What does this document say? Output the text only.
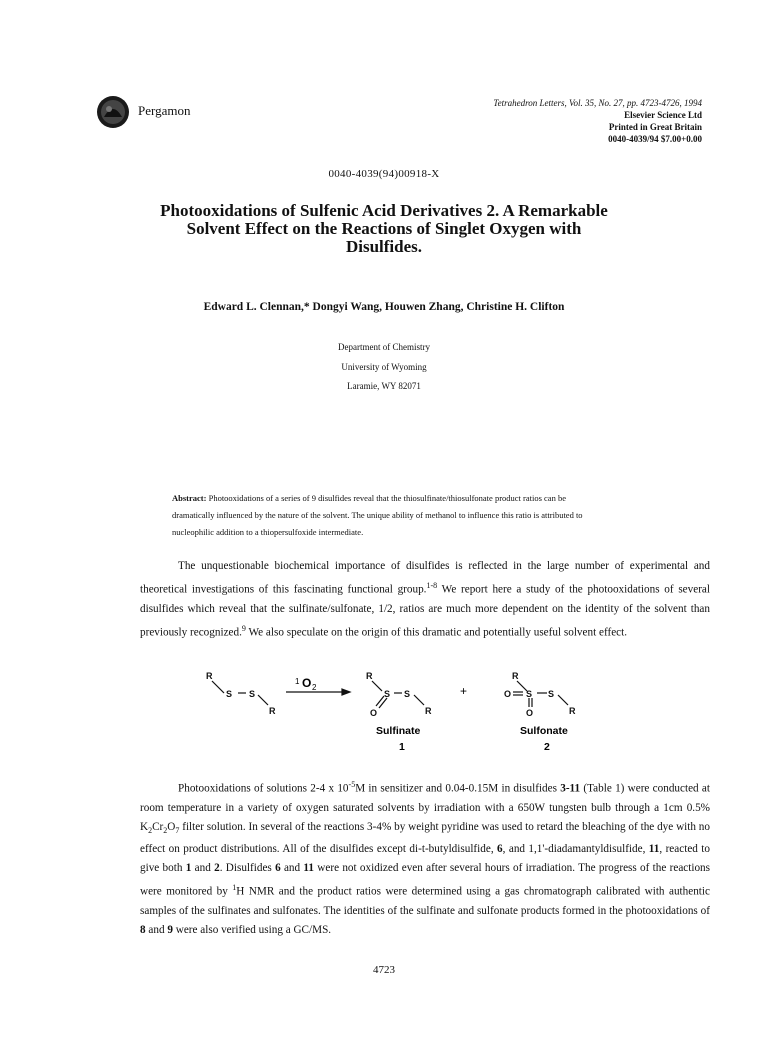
Pergamon	Tetrahedron Letters, Vol. 35, No. 27, pp. 4723-4726, 1994
Elsevier Science Ltd
Printed in Great Britain
0040-4039/94 $7.00+0.00
0040-4039(94)00918-X
Photooxidations of Sulfenic Acid Derivatives 2. A Remarkable
Solvent Effect on the Reactions of Singlet Oxygen with
Disulfides.
Edward L. Clennan,* Dongyi Wang, Houwen Zhang, Christine H. Clifton
Department of Chemistry
University of Wyoming
Laramie, WY 82071
Abstract: Photooxidations of a series of 9 disulfides reveal that the thiosulfinate/thiosulfonate product ratios can be dramatically influenced by the nature of the solvent. The unique ability of methanol to influence this ratio is attributed to nucleophilic addition to a thiopersulfoxide intermediate.

The unquestionable biochemical importance of disulfides is reflected in the large number of experimental and theoretical investigations of this fascinating functional group.$^{1-8}$ We report here a study of the photooxidations of several disulfides which reveal that the sulfinate/sulfonate, 1/2, ratios are much more dependent on the identity of the solvent than previously recognized.$^9$ We also speculate on the origin of this dramatic and potentially useful solvent effect.

R
S S
R
R
S S
R
O
R
O S S
R
O
1 O 2	+
Sulfinate
1
Sulfonate
2

Photooxidations of solutions 2-4 x $10^{-5}M$ in sensitizer and 0.04-0.15M in disulfides 3-11 (Table 1) were conducted at room temperature in a variety of oxygen saturated solvents by irradiation with a 650W tungsten bulb through a 1cm 0.5% $K_2Cr_2O_7$ filter solution. In several of the reactions 3-4% by weight pyridine was used to retard the bleaching of the dye with no effect on product distributions. All of the disulfides except di-t-butyldisulfide, 6, and 1,1'-diadamantyldisulfide, 11, reacted to give both 1 and 2. Disulfides 6 and 11 were not oxidized even after several hours of irradiation. The progress of the reactions were monitored by $^1$H NMR and the product ratios were determined using a gas chromatograph calibrated with authentic samples of the sulfinates and sulfonates. The identities of the sulfinate and sulfonate products formed in the photooxidations of 8 and 9 were also verified using a GC/MS.

4723
